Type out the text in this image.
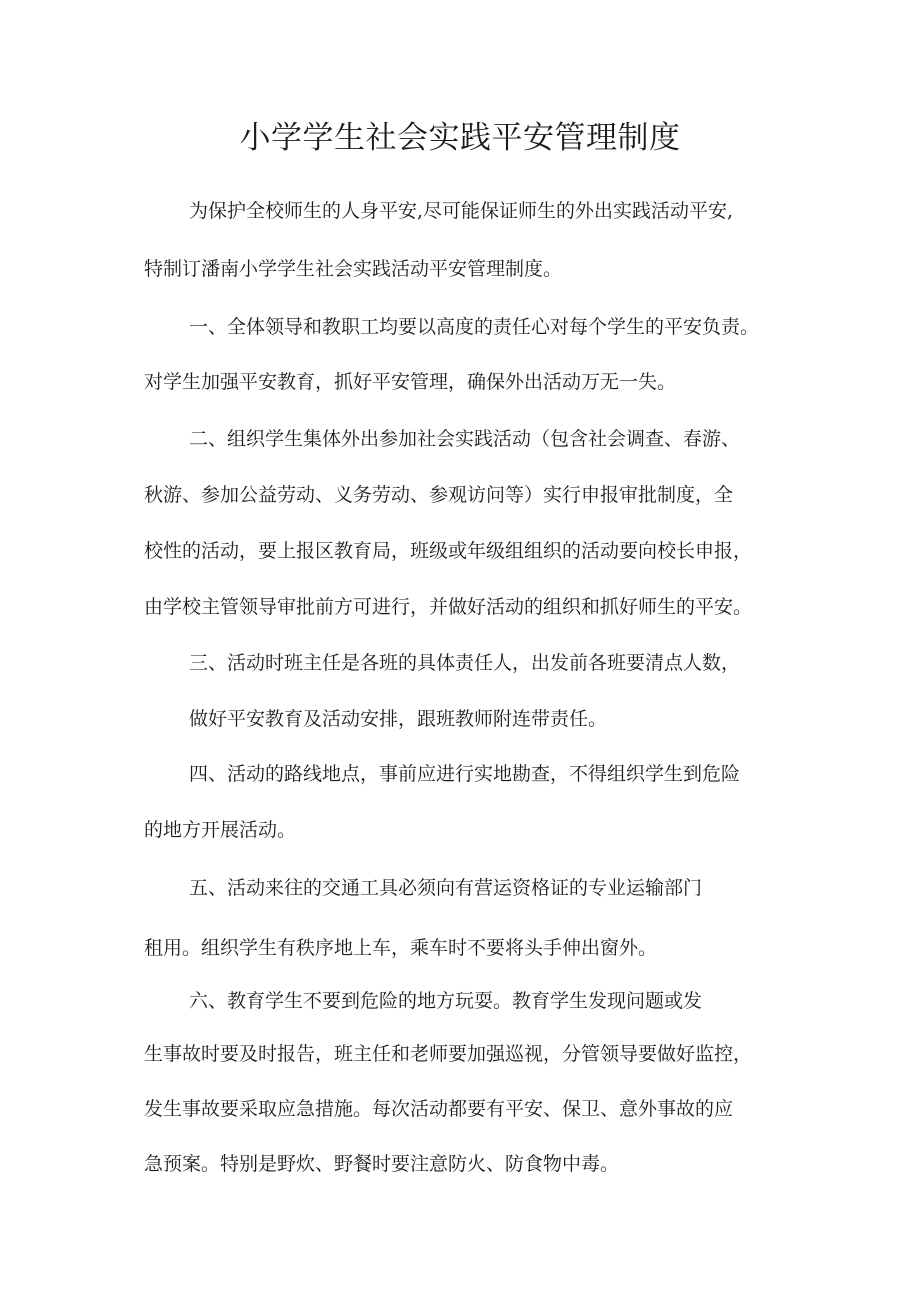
小学学生社会实践平安管理制度

为保护全校师生的人身平安,尽可能保证师生的外出实践活动平安,

特制订潘南小学学生社会实践活动平安管理制度。

一、全体领导和教职工均要以高度的责任心对每个学生的平安负责。

对学生加强平安教育，抓好平安管理，确保外出活动万无一失。

二、组织学生集体外出参加社会实践活动（包含社会调查、春游、

秋游、参加公益劳动、义务劳动、参观访问等）实行申报审批制度，全

校性的活动，要上报区教育局，班级或年级组组织的活动要向校长申报，

由学校主管领导审批前方可进行，并做好活动的组织和抓好师生的平安。

三、活动时班主任是各班的具体责任人，出发前各班要清点人数，

做好平安教育及活动安排，跟班教师附连带责任。

四、活动的路线地点，事前应进行实地勘查，不得组织学生到危险

的地方开展活动。

五、活动来往的交通工具必须向有营运资格证的专业运输部门

租用。组织学生有秩序地上车，乘车时不要将头手伸出窗外。

六、教育学生不要到危险的地方玩耍。教育学生发现问题或发

生事故时要及时报告，班主任和老师要加强巡视，分管领导要做好监控，

发生事故要采取应急措施。每次活动都要有平安、保卫、意外事故的应

急预案。特别是野炊、野餐时要注意防火、防食物中毒。
